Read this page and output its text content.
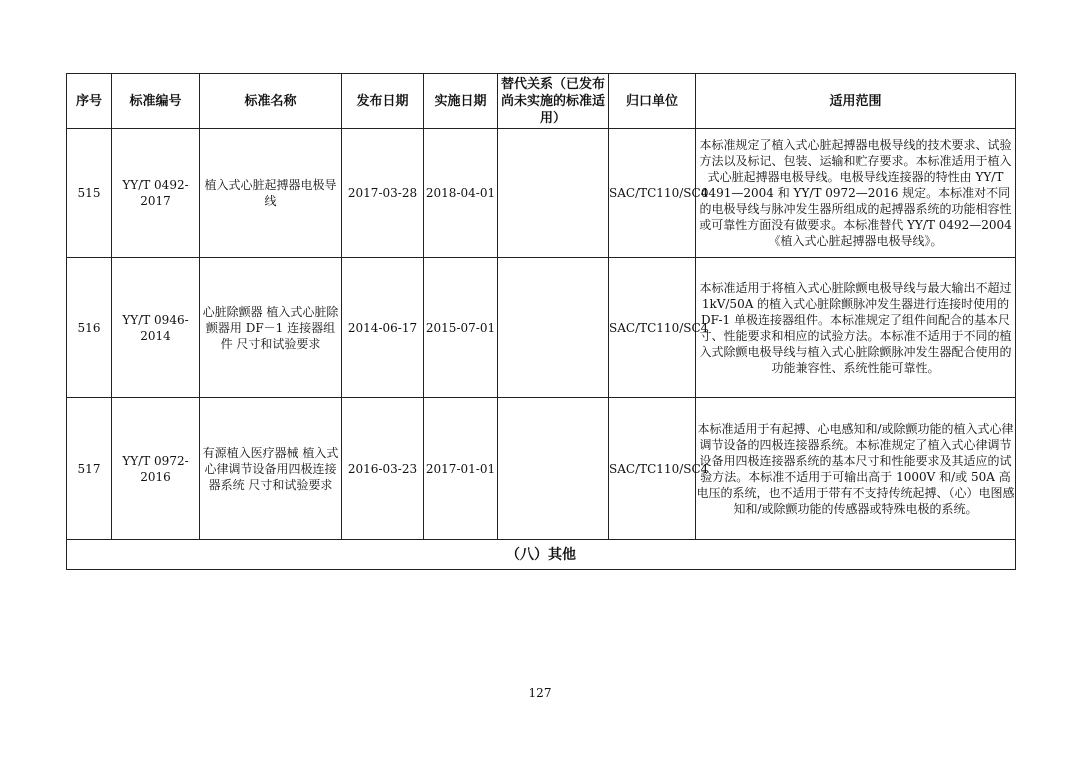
序号	标准编号	标准名称	发布日期	实施日期	替代关系（已发布尚未实施的标准适用）	归口单位	适用范围
515	YY/T 0492-2017	植入式心脏起搏器电极导线	2017-03-28	2018-04-01		SAC/TC110/SC4	本标准规定了植入式心脏起搏器电极导线的技术要求、试验方法以及标记、包装、运输和贮存要求。本标准适用于植入式心脏起搏器电极导线。电极导线连接器的特性由 YY/T 0491—2004 和 YY/T 0972—2016 规定。本标准对不同的电极导线与脉冲发生器所组成的起搏器系统的功能相容性或可靠性方面没有做要求。本标准替代 YY/T 0492—2004《植入式心脏起搏器电极导线》。
516	YY/T 0946-2014	心脏除颤器 植入式心脏除颤器用 DF－1 连接器组件 尺寸和试验要求	2014-06-17	2015-07-01		SAC/TC110/SC4	本标准适用于将植入式心脏除颤电极导线与最大输出不超过 1kV/50A 的植入式心脏除颤脉冲发生器进行连接时使用的 DF-1 单极连接器组件。本标准规定了组件间配合的基本尺寸、性能要求和相应的试验方法。本标准不适用于不同的植入式除颤电极导线与植入式心脏除颤脉冲发生器配合使用的功能兼容性、系统性能可靠性。
517	YY/T 0972-2016	有源植入医疗器械 植入式心律调节设备用四极连接器系统 尺寸和试验要求	2016-03-23	2017-01-01		SAC/TC110/SC4	本标准适用于有起搏、心电感知和/或除颤功能的植入式心律调节设备的四极连接器系统。本标准规定了植入式心律调节设备用四极连接器系统的基本尺寸和性能要求及其适应的试验方法。本标准不适用于可输出高于 1000V 和/或 50A 高电压的系统，也不适用于带有不支持传统起搏、（心）电图感知和/或除颤功能的传感器或特殊电极的系统。
（八）其他							
127
